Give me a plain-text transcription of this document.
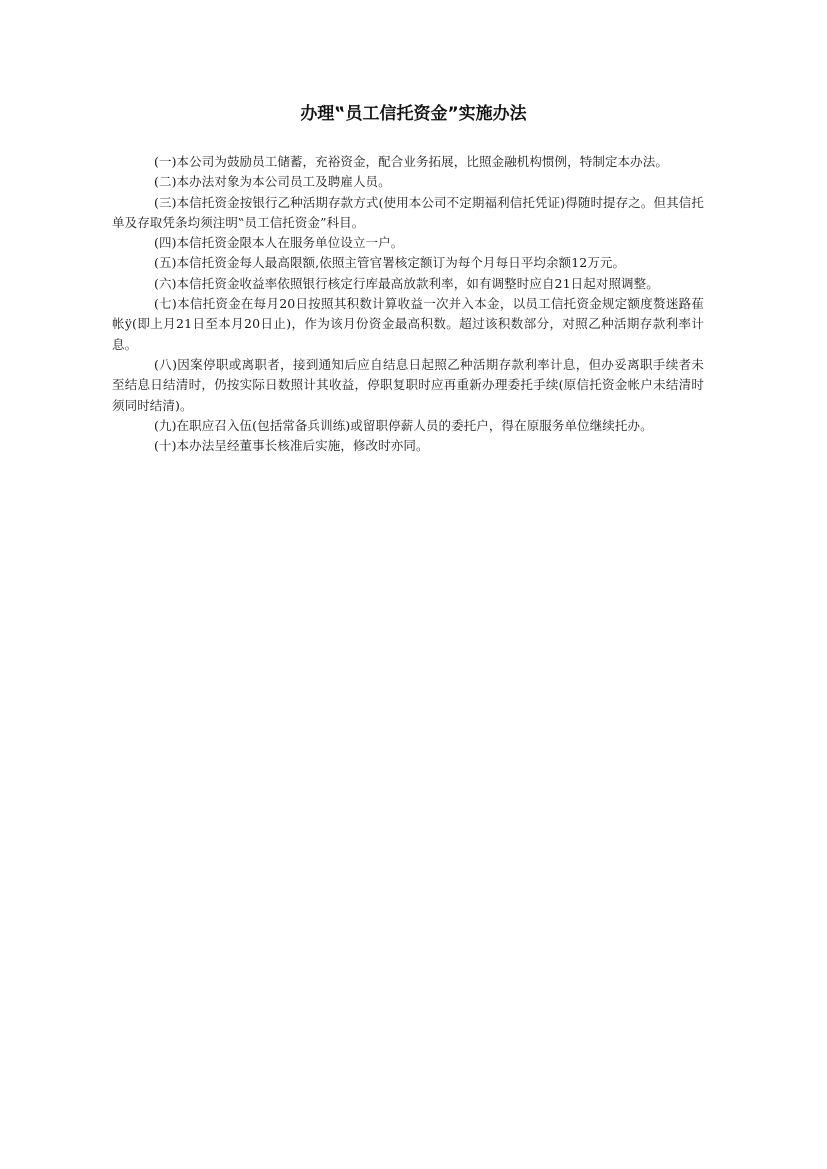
办理‟员工信托资金”实施办法

(一)本公司为鼓励员工储蓄，充裕资金，配合业务拓展，比照金融机构惯例，特制定本办法。

(二)本办法对象为本公司员工及聘雇人员。

(三)本信托资金按银行乙种活期存款方式(使用本公司不定期福利信托凭证)得随时提存之。但其信托单及存取凭条均须注明‟员工信托资金”科目。

(四)本信托资金限本人在服务单位设立一户。

(五)本信托资金每人最高限额,依照主管官署核定额订为每个月每日平均余额12万元。

(六)本信托资金收益率依照银行核定行库最高放款利率，如有调整时应自21日起对照调整。

(七)本信托资金在每月20日按照其积数计算收益一次并入本金，以员工信托资金规定额度赘迷路萑帐ÿ(即上月21日至本月20日止)，作为该月份资金最高积数。超过该积数部分，对照乙种活期存款利率计息。

(八)因案停职或离职者，接到通知后应自结息日起照乙种活期存款利率计息，但办妥离职手续者未至结息日结清时，仍按实际日数照计其收益，停职复职时应再重新办理委托手续(原信托资金帐户未结清时须同时结清)。

(九)在职应召入伍(包括常备兵训练)或留职停薪人员的委托户，得在原服务单位继续托办。

(十)本办法呈经董事长核准后实施，修改时亦同。
